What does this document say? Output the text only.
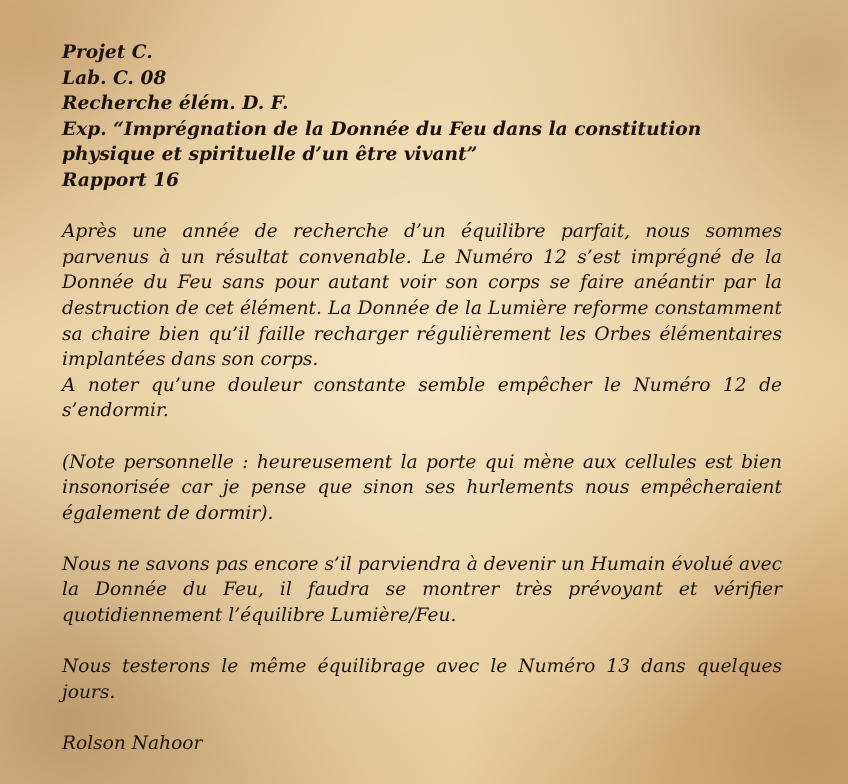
Projet C.

Lab. C. 08

Recherche élém. D. F.

Exp. “Imprégnation de la Donnée du Feu dans la constitution physique et spirituelle d’un être vivant”

Rapport 16

Après une année de recherche d’un équilibre parfait, nous sommes parvenus à un résultat convenable. Le Numéro 12 s’est imprégné de la Donnée du Feu sans pour autant voir son corps se faire anéantir par la destruction de cet élément. La Donnée de la Lumière reforme constamment sa chaire bien qu’il faille recharger régulièrement les Orbes élémentaires implantées dans son corps.

A noter qu’une douleur constante semble empêcher le Numéro 12 de s’endormir.

(Note personnelle : heureusement la porte qui mène aux cellules est bien insonorisée car je pense que sinon ses hurlements nous empêcheraient également de dormir).

Nous ne savons pas encore s’il parviendra à devenir un Humain évolué avec la Donnée du Feu, il faudra se montrer très prévoyant et vérifier quotidiennement l’équilibre Lumière/Feu.

Nous testerons le même équilibrage avec le Numéro 13 dans quelques jours.

Rolson Nahoor
